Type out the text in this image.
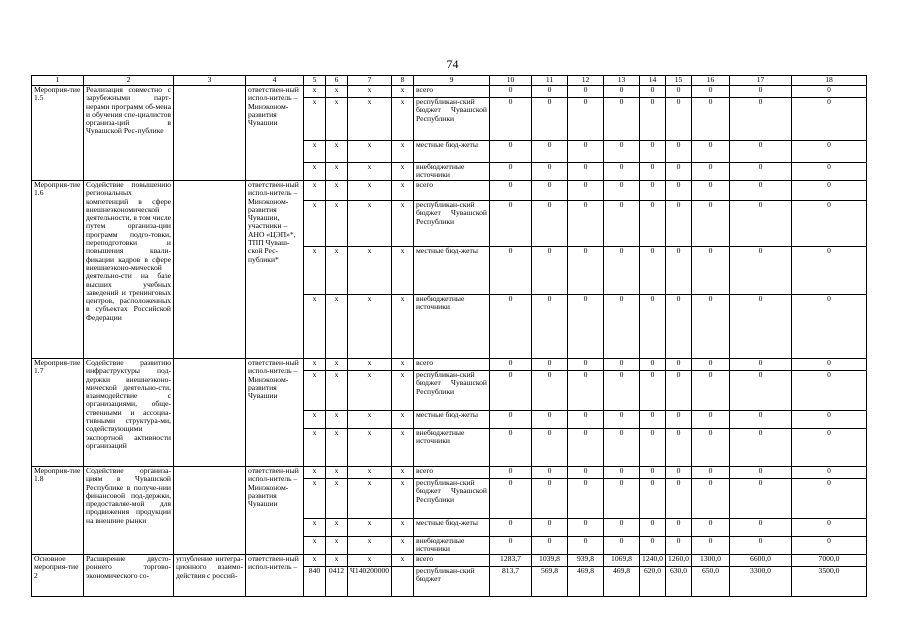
74
1	2	3	4	5	6	7	8	9	10	11	12	13	14	15	16	17	18
Мероприя-тие 1.5	Реализация совместно с зарубежными парт-нерами программ об-мена и обучения спе-циалистов организа-ций в Чувашской Рес-публике		ответствен-ный испол-нитель – Минэконом-развития Чувашии	x	x	x	x	всего	0	0	0	0	0	0	0	0	0
				x	x	x	x	республикан-ский бюджет Чувашской Республики	0	0	0	0	0	0	0	0	0
				x	x	x	x	местные бюд-жеты	0	0	0	0	0	0	0	0	0
				x	x	x	x	внебюджетные источники	0	0	0	0	0	0	0	0	0
Мероприя-тие 1.6	Содействие повышению региональных компетенций в сфере внешнеэкономической деятельности, в том числе путем организа-ции программ подго-товки, переподготовки и повышения квали-фикации кадров в сфере внешнеэконо-мической деятельно-сти на базе высших учебных заведений и тренинговых центров, расположенных в субъектах Российской Федерации		ответствен-ный испол-нитель – Минэконом-развития Чувашии, участники – АНО «ЦЭП»*, ТПП Чуваш-ской Рес-публики*	x	x	x	x	всего	0	0	0	0	0	0	0	0	0
				x	x	x	x	республикан-ский бюджет Чувашской Республики	0	0	0	0	0	0	0	0	0
				x	x	x	x	местные бюд-жеты	0	0	0	0	0	0	0	0	0
				x	x	x	x	внебюджетные источники	0	0	0	0	0	0	0	0	0
Мероприя-тие 1.7	Содействие развитию инфраструктуры под-держки внешнеэконо-мической деятельно-сти, взаимодействие с организациями, обще-ственными и ассоциа-тивными структура-ми, содействующими экспортной активности организаций		ответствен-ный испол-нитель – Минэконом-развития Чувашии	x	x	x	x	всего	0	0	0	0	0	0	0	0	0
				x	x	x	x	республикан-ский бюджет Чувашской Республики	0	0	0	0	0	0	0	0	0
				x	x	x	x	местные бюд-жеты	0	0	0	0	0	0	0	0	0
				x	x	x	x	внебюджетные источники	0	0	0	0	0	0	0	0	0
Мероприя-тие 1.8	Содействие организа-циям в Чувашской Республике в получе-нии финансовой под-держки, предоставляе-мой для продвижения продукции на внешние рынки		ответствен-ный испол-нитель – Минэконом-развития Чувашии	x	x	x	x	всего	0	0	0	0	0	0	0	0	0
				x	x	x	x	республикан-ский бюджет Чувашской Республики	0	0	0	0	0	0	0	0	0
				x	x	x	x	местные бюд-жеты	0	0	0	0	0	0	0	0	0
				x	x	x	x	внебюджетные источники	0	0	0	0	0	0	0	0	0
Основное мероприя-тие 2	Расширение двусто-роннего торгово-экономического со-	углубление интегра-ционного взаимо-действия с россий-	ответствен-ный испол-нитель –	x	x	x	x	всего	1283,7	1039,8	939,8	1069,8	1240,0	1260,0	1300,0	6600,0	7000,0
				840	0412	Ч140200000		республикан-ский бюджет	813,7	569,8	469,8	469,8	620,0	630,0	650,0	3300,0	3500,0
